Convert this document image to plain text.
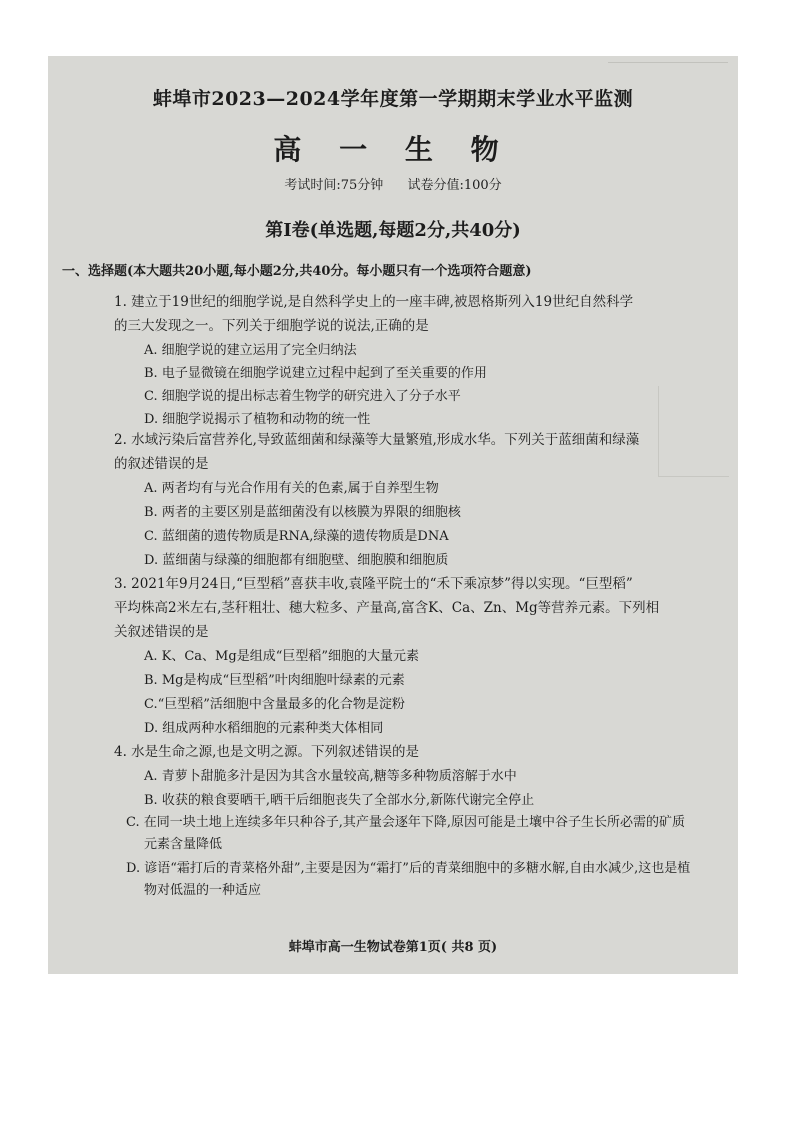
蚌埠市2023—2024学年度第一学期期末学业水平监测
高 一 生 物
考试时间:75分钟 试卷分值:100分
第Ⅰ卷(单选题,每题2分,共40分)
一、选择题(本大题共20小题,每小题2分,共40分。每小题只有一个选项符合题意)
1. 建立于19世纪的细胞学说,是自然科学史上的一座丰碑,被恩格斯列入19世纪自然科学
的三大发现之一。下列关于细胞学说的说法,正确的是
A. 细胞学说的建立运用了完全归纳法
B. 电子显微镜在细胞学说建立过程中起到了至关重要的作用
C. 细胞学说的提出标志着生物学的研究进入了分子水平
D. 细胞学说揭示了植物和动物的统一性
2. 水域污染后富营养化,导致蓝细菌和绿藻等大量繁殖,形成水华。下列关于蓝细菌和绿藻
的叙述错误的是
A. 两者均有与光合作用有关的色素,属于自养型生物
B. 两者的主要区别是蓝细菌没有以核膜为界限的细胞核
C. 蓝细菌的遗传物质是RNA,绿藻的遗传物质是DNA
D. 蓝细菌与绿藻的细胞都有细胞壁、细胞膜和细胞质
3. 2021年9月24日,“巨型稻”喜获丰收,袁隆平院士的“禾下乘凉梦”得以实现。“巨型稻”
平均株高2米左右,茎秆粗壮、穗大粒多、产量高,富含K、Ca、Zn、Mg等营养元素。下列相
关叙述错误的是
A. K、Ca、Mg是组成“巨型稻”细胞的大量元素
B. Mg是构成“巨型稻”叶肉细胞叶绿素的元素
C.“巨型稻”活细胞中含量最多的化合物是淀粉
D. 组成两种水稻细胞的元素种类大体相同
4. 水是生命之源,也是文明之源。下列叙述错误的是
A. 青萝卜甜脆多汁是因为其含水量较高,糖等多种物质溶解于水中
B. 收获的粮食要晒干,晒干后细胞丧失了全部水分,新陈代谢完全停止
C. 在同一块土地上连续多年只种谷子,其产量会逐年下降,原因可能是土壤中谷子生长所必需的矿质元素含量降低
D. 谚语“霜打后的青菜格外甜”,主要是因为“霜打”后的青菜细胞中的多糖水解,自由水减少,这也是植物对低温的一种适应
蚌埠市高一生物试卷第1页( 共8 页)
